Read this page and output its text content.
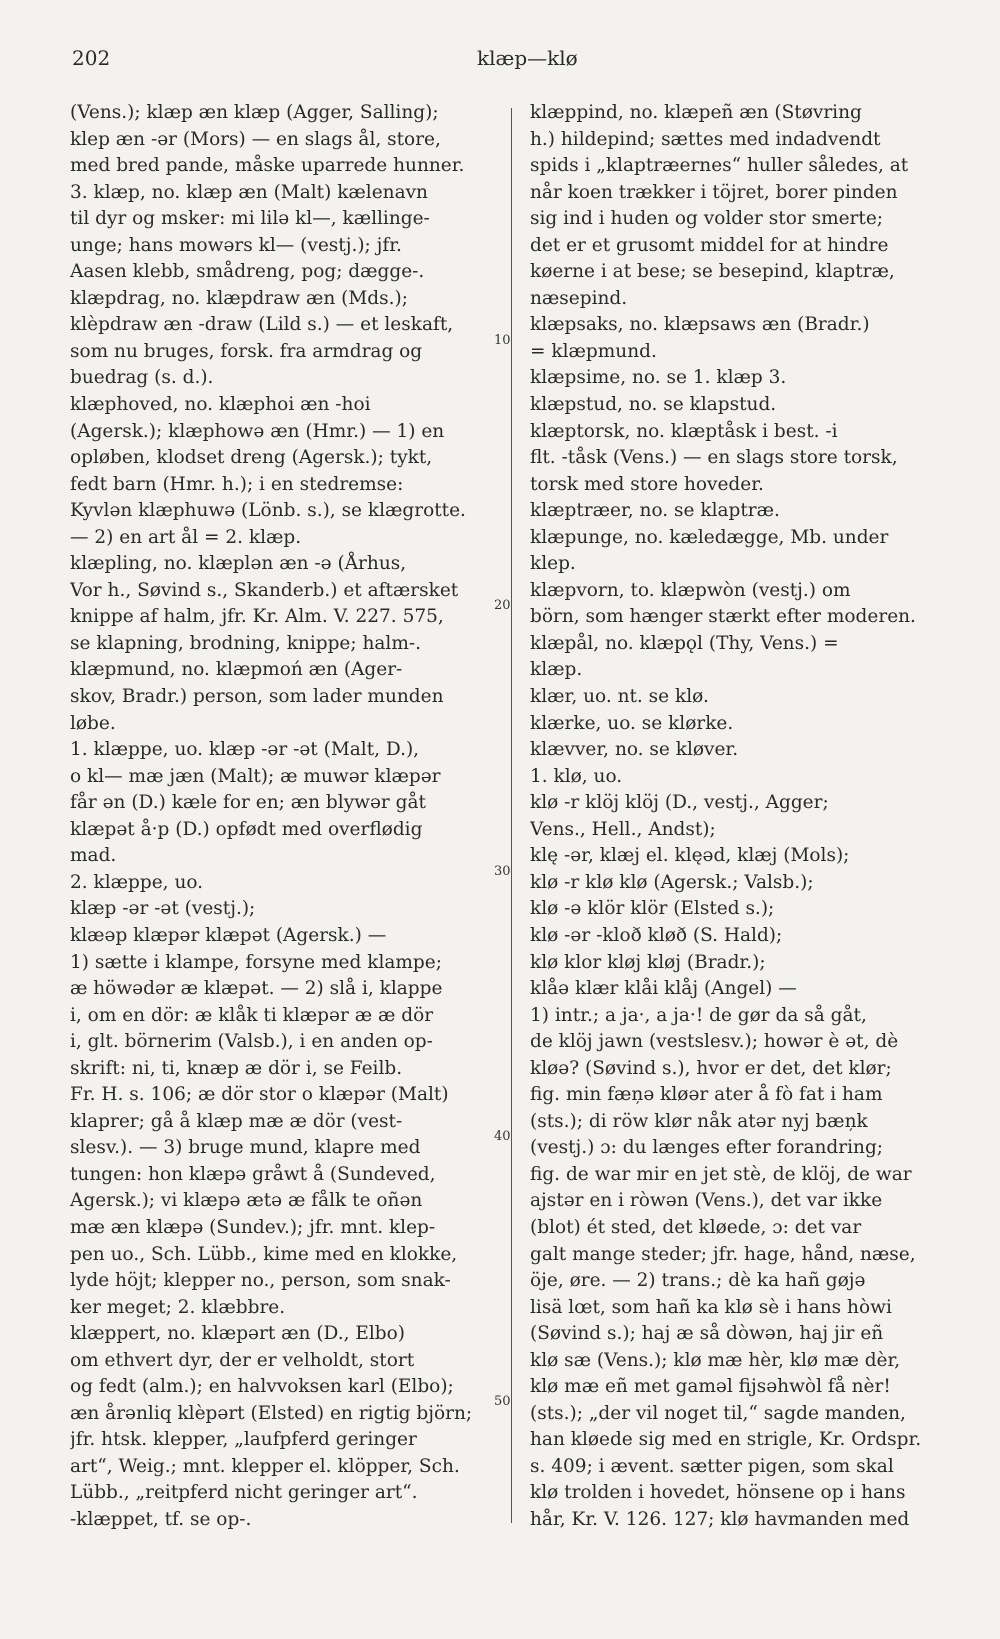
202	klæp—klø
(Vens.); klæp æn klæp (Agger, Salling);
klep æn -ər (Mors) — en slags ål, store,
med bred pande, måske uparrede hunner.
3. klæp, no. klæp æn (Malt) kælenavn
til dyr og msker: mi lilə kl—, kællinge-
unge; hans mowərs kl— (vestj.); jfr.
Aasen klebb, smådreng, pog; dægge-.
klæpdrag, no. klæpdraw æn (Mds.);
klèpdraw æn -draw (Lild s.) — et leskaft,
som nu bruges, forsk. fra armdrag og
buedrag (s. d.).
klæphoved, no. klæphoi æn -hoi
(Agersk.); klæphowə æn (Hmr.) — 1) en
opløben, klodset dreng (Agersk.); tykt,
fedt barn (Hmr. h.); i en stedremse:
Kyvlən klæphuwə (Lönb. s.), se klægrotte.
— 2) en art ål = 2. klæp.
klæpling, no. klæplən æn -ə (Århus,
Vor h., Søvind s., Skanderb.) et aftærsket
knippe af halm, jfr. Kr. Alm. V. 227. 575,
se klapning, brodning, knippe; halm-.
klæpmund, no. klæpmoń æn (Ager-
skov, Bradr.) person, som lader munden
løbe.
1. klæppe, uo. klæp -ər -ət (Malt, D.),
o kl— mæ jæn (Malt); æ muwər klæpər
får ən (D.) kæle for en; æn blywər gåt
klæpət å·p (D.) opfødt med overflødig
mad.
2. klæppe, uo.
klæp -ər -ət (vestj.);
klæəp klæpər klæpət (Agersk.) —
1) sætte i klampe, forsyne med klampe;
æ höwədər æ klæpət. — 2) slå i, klappe
i, om en dör: æ klåk ti klæpər æ æ dör
i, glt. börnerim (Valsb.), i en anden op-
skrift: ni, ti, knæp æ dör i, se Feilb.
Fr. H. s. 106; æ dör stor o klæpər (Malt)
klaprer; gå å klæp mæ æ dör (vest-
slesv.). — 3) bruge mund, klapre med
tungen: hon klæpə gråwt å (Sundeved,
Agersk.); vi klæpə ætə æ fålk te oñən
mæ æn klæpə (Sundev.); jfr. mnt. klep-
pen uo., Sch. Lübb., kime med en klokke,
lyde höjt; klepper no., person, som snak-
ker meget; 2. klæbbre.
klæppert, no. klæpərt æn (D., Elbo)
om ethvert dyr, der er velholdt, stort
og fedt (alm.); en halvvoksen karl (Elbo);
æn årənliq klèpərt (Elsted) en rigtig björn;
jfr. htsk. klepper, „laufpferd geringer
art“, Weig.; mnt. klepper el. klöpper, Sch.
Lübb., „reitpferd nicht geringer art“.
-klæppet, tf. se op-.
klæppind, no. klæpeñ æn (Støvring
h.) hildepind; sættes med indadvendt
spids i „klaptræernes“ huller således, at
når koen trækker i töjret, borer pinden
sig ind i huden og volder stor smerte;
det er et grusomt middel for at hindre
køerne i at bese; se besepind, klaptræ,
næsepind.
klæpsaks, no. klæpsaws æn (Bradr.)
= klæpmund.
klæpsime, no. se 1. klæp 3.
klæpstud, no. se klapstud.
klæptorsk, no. klæptåsk i best. -i
flt. -tåsk (Vens.) — en slags store torsk,
torsk med store hoveder.
klæptræer, no. se klaptræ.
klæpunge, no. kæledægge, Mb. under
klep.
klæpvorn, to. klæpwòn (vestj.) om
börn, som hænger stærkt efter moderen.
klæpål, no. klæpǫl (Thy, Vens.) =
klæp.
klær, uo. nt. se klø.
klærke, uo. se klørke.
klævver, no. se kløver.
1. klø, uo.
klø -r klöj klöj (D., vestj., Agger;
Vens., Hell., Andst);
klę -ər, klæj el. klęəd, klæj (Mols);
klø -r klø klø (Agersk.; Valsb.);
klø -ə klör klör (Elsted s.);
klø -ər -kloð kløð (S. Hald);
klø klor kløj kløj (Bradr.);
klåə klær klåi klåj (Angel) —
1) intr.; a ja·, a ja·! de gør da så gåt,
de klöj jawn (vestslesv.); howər è ət, dè
kløə? (Søvind s.), hvor er det, det klør;
fig. min fæņə kløər ater å fò fat i ham
(sts.); di röw klør nåk atər nyj bæņk
(vestj.) ɔ: du længes efter forandring;
fig. de war mir en jet stè, de klöj, de war
ajstər en i ròwən (Vens.), det var ikke
(blot) ét sted, det kløede, ɔ: det var
galt mange steder; jfr. hage, hånd, næse,
öje, øre. — 2) trans.; dè ka hañ gøjə
lisä lœt, som hañ ka klø sè i hans hòwi
(Søvind s.); haj æ så dòwən, haj jir eñ
klø sæ (Vens.); klø mæ hèr, klø mæ dèr,
klø mæ eñ met gaməl fijsəhwòl få nèr!
(sts.); „der vil noget til,“ sagde manden,
han kløede sig med en strigle, Kr. Ordspr.
s. 409; i ævent. sætter pigen, som skal
klø trolden i hovedet, hönsene op i hans
hår, Kr. V. 126. 127; klø havmanden med
10
20
30
40
50
